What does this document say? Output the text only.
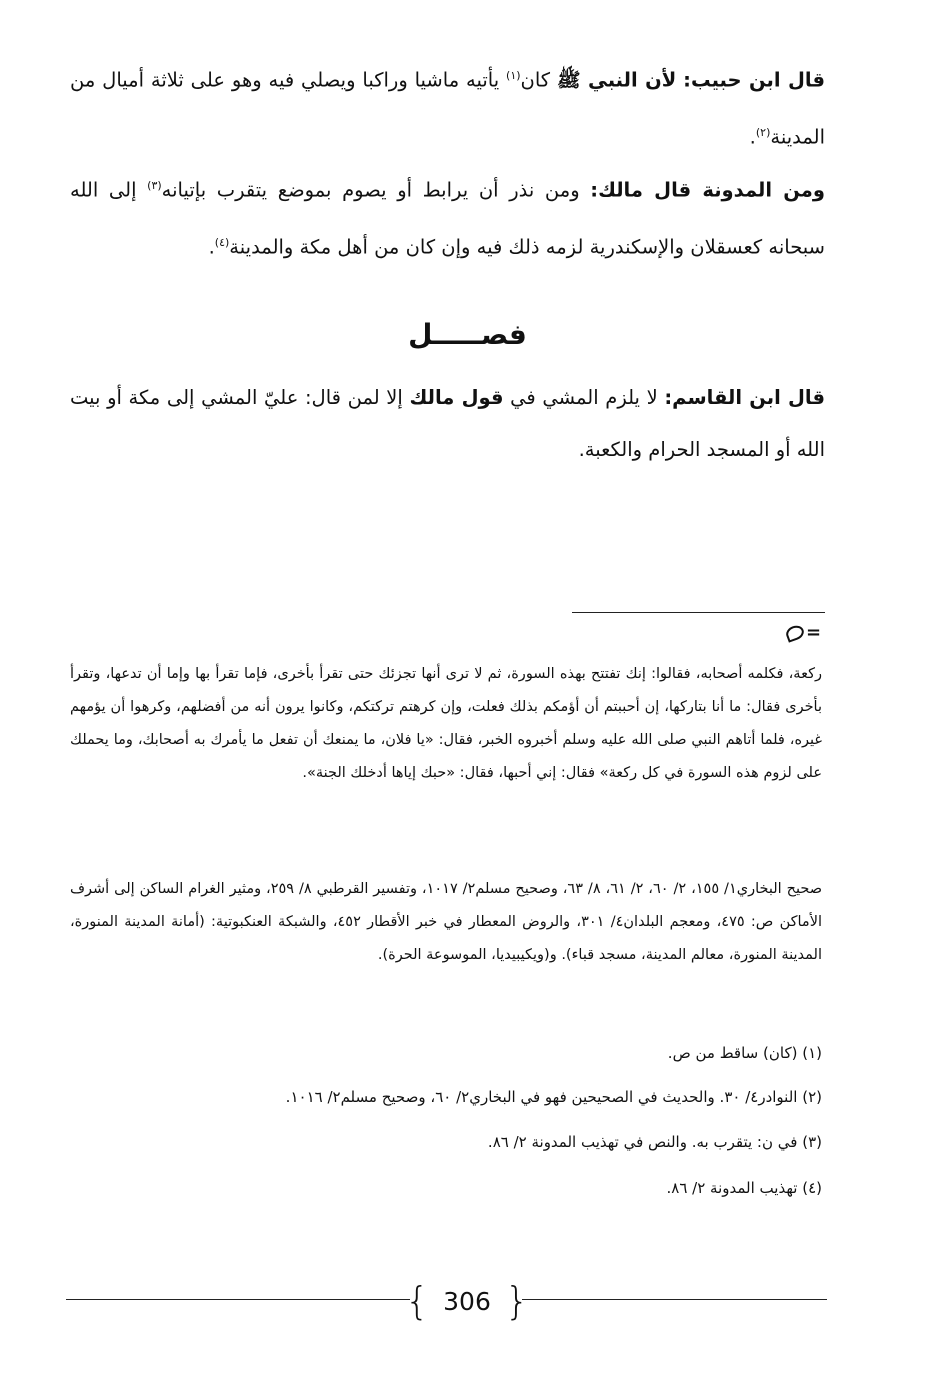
قال ابن حبيب: لأن النبي ﷺ كان$^{(١)}$ يأتيه ماشيا وراكبا ويصلي فيه وهو على ثلاثة أميال من المدينة$^{(٢)}$.
ومن المدونة قال مالك: ومن نذر أن يرابط أو يصوم بموضع يتقرب بإتيانه$^{(٣)}$ إلى الله سبحانه كعسقلان والإسكندرية لزمه ذلك فيه وإن كان من أهل مكة والمدينة$^{(٤)}$.
فصـــــل
قال ابن القاسم: لا يلزم المشي في قول مالك إلا لمن قال: عليّ المشي إلى مكة أو بيت الله أو المسجد الحرام والكعبة.
=
ركعة، فكلمه أصحابه، فقالوا: إنك تفتتح بهذه السورة، ثم لا ترى أنها تجزئك حتى تقرأ بأخرى، فإما تقرأ بها وإما أن تدعها، وتقرأ بأخرى فقال: ما أنا بتاركها، إن أحببتم أن أؤمكم بذلك فعلت، وإن كرهتم تركتكم، وكانوا يرون أنه من أفضلهم، وكرهوا أن يؤمهم غيره، فلما أتاهم النبي صلى الله عليه وسلم أخبروه الخبر، فقال: «يا فلان، ما يمنعك أن تفعل ما يأمرك به أصحابك، وما يحملك على لزوم هذه السورة في كل ركعة» فقال: إني أحبها، فقال: «حبك إياها أدخلك الجنة».
صحيح البخاري١/ ١٥٥، ٢/ ٦٠، ٢/ ٦١، ٨/ ٦٣، وصحيح مسلم٢/ ١٠١٧، وتفسير القرطبي ٨/ ٢٥٩، ومثير الغرام الساكن إلى أشرف الأماكن ص: ٤٧٥، ومعجم البلدان٤/ ٣٠١، والروض المعطار في خبر الأقطار ٤٥٢، والشبكة العنكبوتية: (أمانة المدينة المنورة، المدينة المنورة، معالم المدينة، مسجد قباء). و(ويكيبيديا، الموسوعة الحرة).
(١) (كان) ساقط من ص.
(٢) النوادر٤/ ٣٠. والحديث في الصحيحين فهو في البخاري٢/ ٦٠، وصحيح مسلم٢/ ١٠١٦.
(٣) في ن: يتقرب به. والنص في تهذيب المدونة ٢/ ٨٦.
(٤) تهذيب المدونة ٢/ ٨٦.
{ 306 }
